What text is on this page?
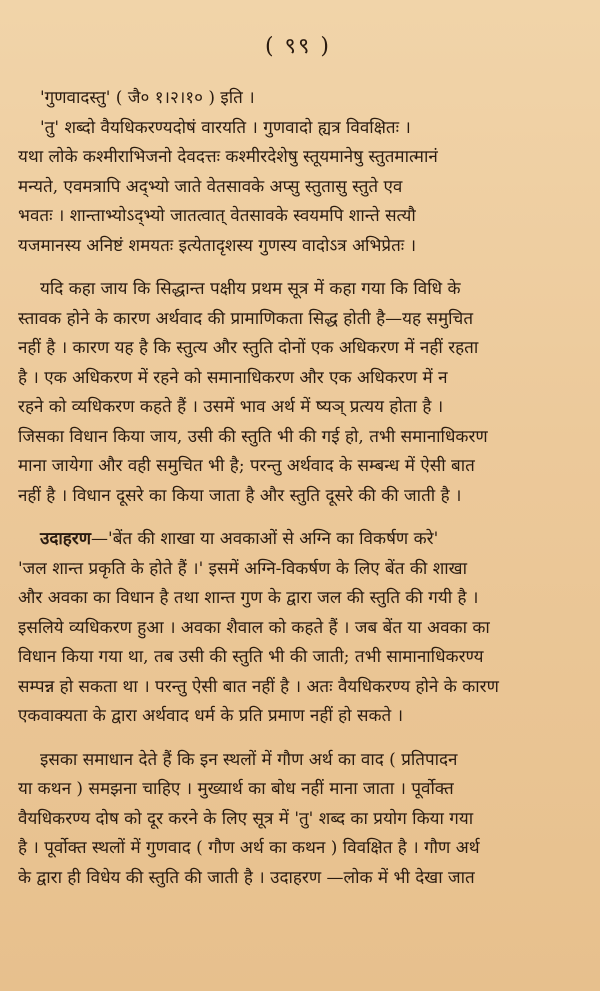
( ९९ )
'गुणवादस्तु' ( जै० १।२।१० ) इति ।
'तु' शब्दो वैयधिकरण्यदोषं वारयति । गुणवादो ह्यत्र विवक्षितः ।
यथा लोके कश्मीराभिजनो देवदत्तः कश्मीरदेशेषु स्तूयमानेषु स्तुतमात्मानं
मन्यते, एवमत्रापि अद्भ्यो जाते वेतसावके अप्सु स्तुतासु स्तुते एव
भवतः । शान्ताभ्योऽद्भ्यो जातत्वात् वेतसावके स्वयमपि शान्ते सत्यौ
यजमानस्य अनिष्टं शमयतः इत्येतादृशस्य गुणस्य वादोऽत्र अभिप्रेतः ।
यदि कहा जाय कि सिद्धान्त पक्षीय प्रथम सूत्र में कहा गया कि विधि के
स्तावक होने के कारण अर्थवाद की प्रामाणिकता सिद्ध होती है—यह समुचित
नहीं है । कारण यह है कि स्तुत्य और स्तुति दोनों एक अधिकरण में नहीं रहता
है । एक अधिकरण में रहने को समानाधिकरण और एक अधिकरण में न
रहने को व्यधिकरण कहते हैं । उसमें भाव अर्थ में ष्यञ् प्रत्यय होता है ।
जिसका विधान किया जाय, उसी की स्तुति भी की गई हो, तभी समानाधिकरण
माना जायेगा और वही समुचित भी है; परन्तु अर्थवाद के सम्बन्ध में ऐसी बात
नहीं है । विधान दूसरे का किया जाता है और स्तुति दूसरे की की जाती है ।
उदाहरण—'बेंत की शाखा या अवकाओं से अग्नि का विकर्षण करे'
'जल शान्त प्रकृति के होते हैं ।' इसमें अग्नि-विकर्षण के लिए बेंत की शाखा
और अवका का विधान है तथा शान्त गुण के द्वारा जल की स्तुति की गयी है ।
इसलिये व्यधिकरण हुआ । अवका शैवाल को कहते हैं । जब बेंत या अवका का
विधान किया गया था, तब उसी की स्तुति भी की जाती; तभी सामानाधिकरण्य
सम्पन्न हो सकता था । परन्तु ऐसी बात नहीं है । अतः वैयधिकरण्य होने के कारण
एकवाक्यता के द्वारा अर्थवाद धर्म के प्रति प्रमाण नहीं हो सकते ।
इसका समाधान देते हैं कि इन स्थलों में गौण अर्थ का वाद ( प्रतिपादन
या कथन ) समझना चाहिए । मुख्यार्थ का बोध नहीं माना जाता । पूर्वोक्त
वैयधिकरण्य दोष को दूर करने के लिए सूत्र में 'तु' शब्द का प्रयोग किया गया
है । पूर्वोक्त स्थलों में गुणवाद ( गौण अर्थ का कथन ) विवक्षित है । गौण अर्थ
के द्वारा ही विधेय की स्तुति की जाती है । उदाहरण —लोक में भी देखा जात
